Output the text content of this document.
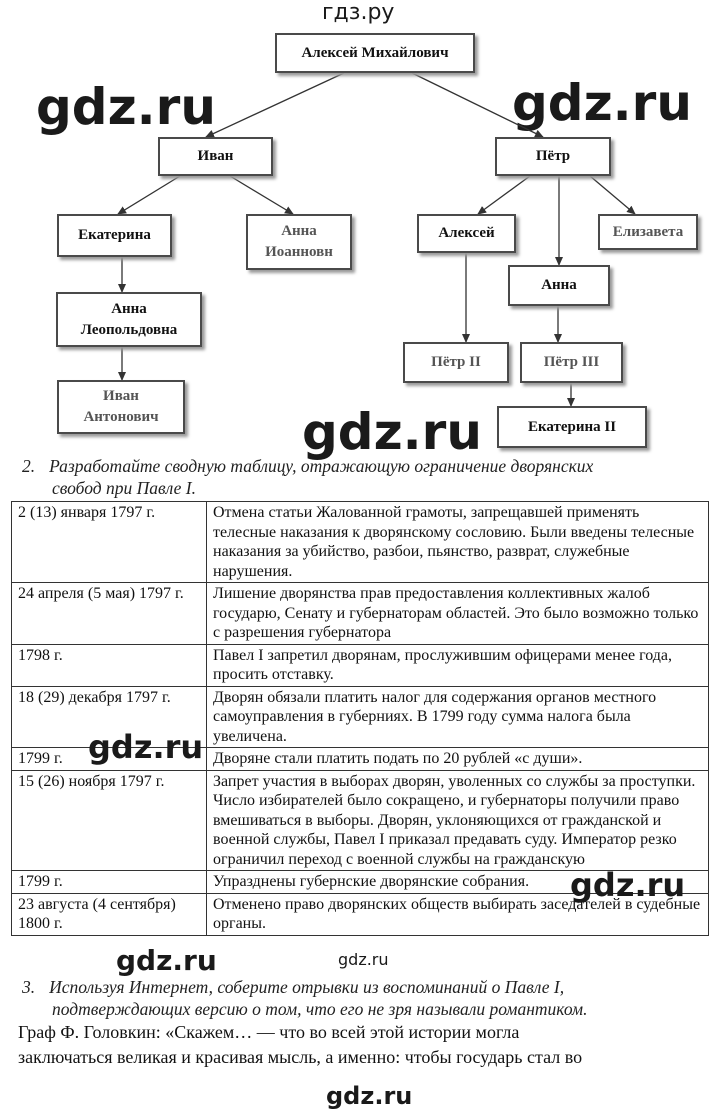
гдз.ру
gdz.ru	gdz.ru
gdz.ru
Алексей Михайлович
Иван	Пётр
Екатерина	Анна Иоанновн
Алексей	Елизавета
Анна
Анна Леопольдовна
Пётр II	Пётр III
Иван Антонович
Екатерина II
2. Разработайте сводную таблицу, отражающую ограничение дворянских
свобод при Павле I.
2 (13) января 1797 г.	Отмена статьи Жалованной грамоты, запрещавшей применять телесные наказания к дворянскому сословию. Были введены телесные наказания за убийство, разбои, пьянство, разврат, служебные нарушения.
24 апреля (5 мая) 1797 г.	Лишение дворянства прав предоставления коллективных жалоб государю, Сенату и губернаторам областей. Это было возможно только с разрешения губернатора
1798 г.	Павел I запретил дворянам, прослужившим офицерами менее года, просить отставку.
18 (29) декабря 1797 г.	Дворян обязали платить налог для содержания органов местного самоуправления в губерниях. В 1799 году сумма налога была увеличена.
1799 г.	Дворяне стали платить подать по 20 рублей «с души».
15 (26) ноября 1797 г.	Запрет участия в выборах дворян, уволенных со службы за проступки. Число избирателей было сокращено, и губернаторы получили право вмешиваться в выборы. Дворян, уклоняющихся от гражданской и военной службы, Павел I приказал предавать суду. Император резко ограничил переход с военной службы на гражданскую
1799 г.	Упразднены губернские дворянские собрания.
23 августа (4 сентября) 1800 г.	Отменено право дворянских обществ выбирать заседателей в судебные органы.
gdz.ru
gdz.ru
gdz.ru	gdz.ru
3. Используя Интернет, соберите отрывки из воспоминаний о Павле I,
подтверждающих версию о том, что его не зря называли романтиком.
Граф Ф. Головкин: «Скажем… — что во всей этой истории могла
заключаться великая и красивая мысль, а именно: чтобы государь стал во
gdz.ru
